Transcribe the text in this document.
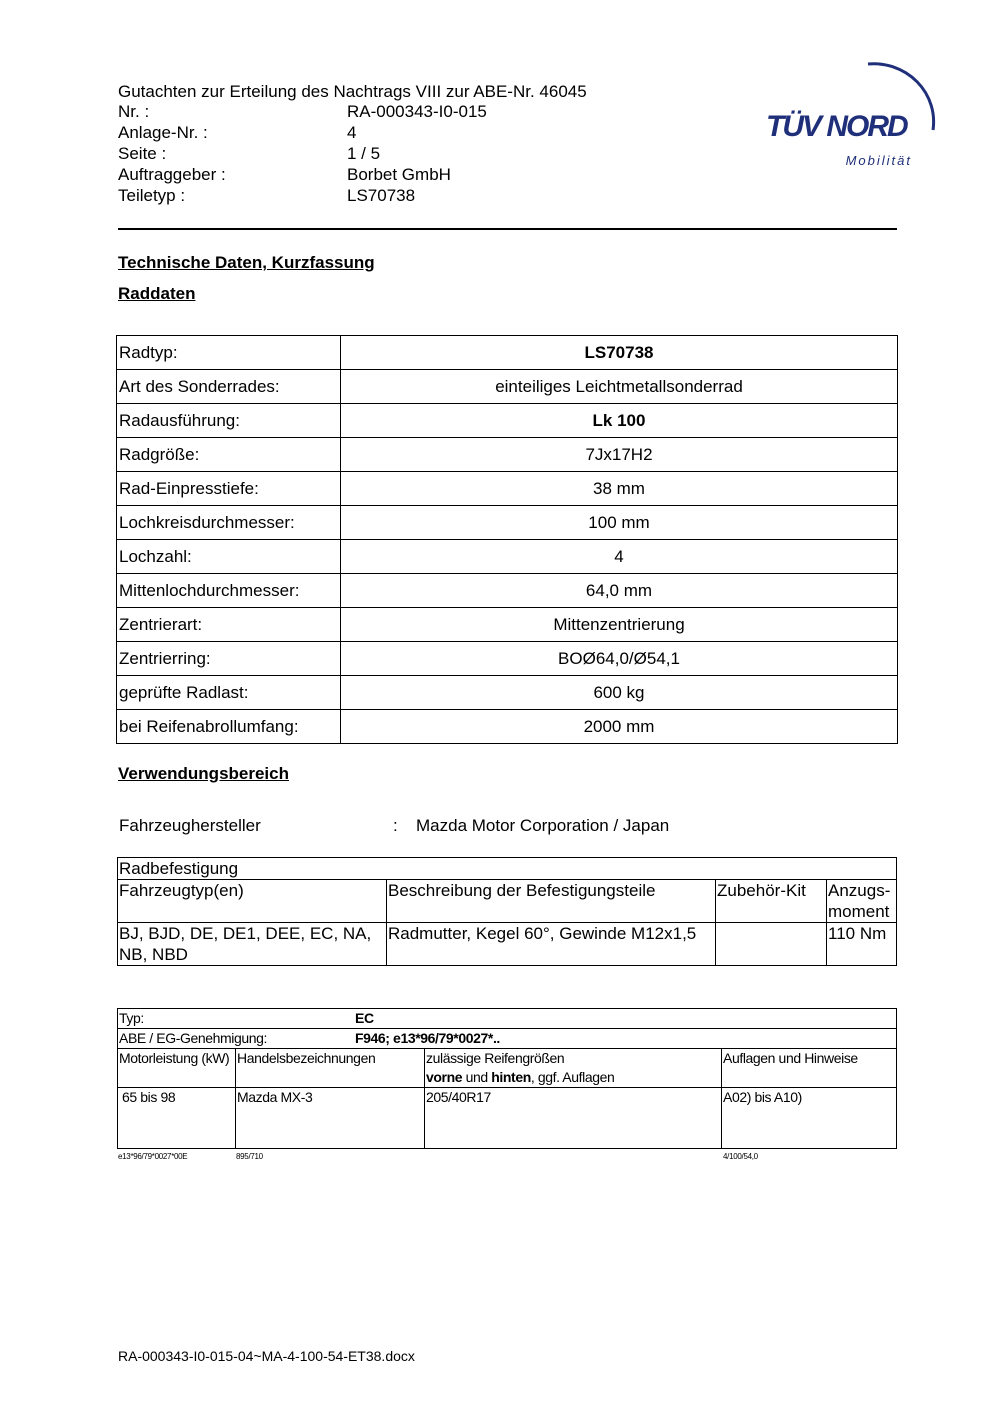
Gutachten zur Erteilung des Nachtrags VIII zur ABE-Nr. 46045
Nr. :	RA-000343-I0-015
Anlage-Nr. :	4
Seite :	1 / 5
Auftraggeber :	Borbet GmbH
Teiletyp :	LS70738
TÜV NORD
Mobilität
Technische Daten, Kurzfassung
Raddaten
Radtyp:	LS70738
Art des Sonderrades:	einteiliges Leichtmetallsonderrad
Radausführung:	Lk 100
Radgröße:	7Jx17H2
Rad-Einpresstiefe:	38 mm
Lochkreisdurchmesser:	100 mm
Lochzahl:	4
Mittenlochdurchmesser:	64,0 mm
Zentrierart:	Mittenzentrierung
Zentrierring:	BOØ64,0/Ø54,1
geprüfte Radlast:	600 kg
bei Reifenabrollumfang:	2000 mm
Verwendungsbereich
Fahrzeughersteller	: Mazda Motor Corporation / Japan
Radbefestigung			
Fahrzeugtyp(en)	Beschreibung der Befestigungsteile	Zubehör-Kit	Anzugs-moment
BJ, BJD, DE, DE1, DEE, EC, NA, NB, NBD	Radmutter, Kegel 60°, Gewinde M12x1,5		110 Nm
Typ: EC			
ABE / EG-Genehmigung: F946; e13*96/79*0027*..			
Motorleistung (kW)	Handelsbezeichnungen	zulässige Reifengrößen
vorne und hinten, ggf. Auflagen	Auflagen und Hinweise
65 bis 98	Mazda MX-3	205/40R17	A02) bis A10)
e13*96/79*0027*00E	895/710	4/100/54,0
RA-000343-I0-015-04~MA-4-100-54-ET38.docx
